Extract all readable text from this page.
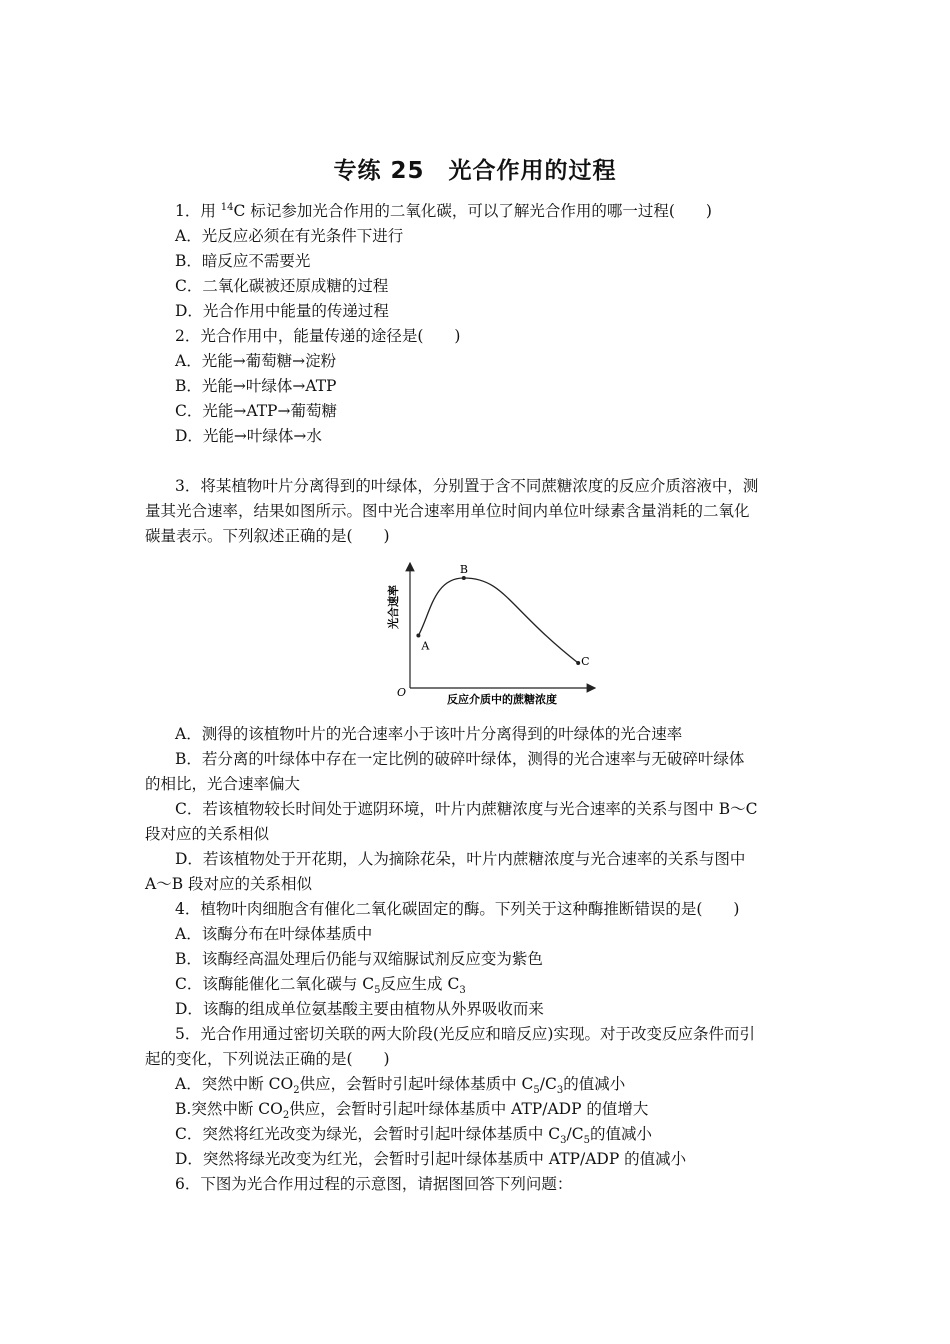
专练 25　光合作用的过程
1．用 $^{14}$C 标记参加光合作用的二氧化碳，可以了解光合作用的哪一过程(　　)
A．光反应必须在有光条件下进行
B．暗反应不需要光
C．二氧化碳被还原成糖的过程
D．光合作用中能量的传递过程
2．光合作用中，能量传递的途径是(　　)
A．光能→葡萄糖→淀粉
B．光能→叶绿体→ATP
C．光能→ATP→葡萄糖
D．光能→叶绿体→水
3．将某植物叶片分离得到的叶绿体，分别置于含不同蔗糖浓度的反应介质溶液中，测
量其光合速率，结果如图所示。图中光合速率用单位时间内单位叶绿素含量消耗的二氧化
碳量表示。下列叙述正确的是(　　)
A
B
C
O
反应介质中的蔗糖浓度
光合速率
A．测得的该植物叶片的光合速率小于该叶片分离得到的叶绿体的光合速率
B．若分离的叶绿体中存在一定比例的破碎叶绿体，测得的光合速率与无破碎叶绿体
的相比，光合速率偏大
C．若该植物较长时间处于遮阴环境，叶片内蔗糖浓度与光合速率的关系与图中 B～C
段对应的关系相似
D．若该植物处于开花期，人为摘除花朵，叶片内蔗糖浓度与光合速率的关系与图中
A～B 段对应的关系相似
4．植物叶肉细胞含有催化二氧化碳固定的酶。下列关于这种酶推断错误的是(　　)
A．该酶分布在叶绿体基质中
B．该酶经高温处理后仍能与双缩脲试剂反应变为紫色
C．该酶能催化二氧化碳与 $C_5$反应生成 $C_3$
D．该酶的组成单位氨基酸主要由植物从外界吸收而来
5．光合作用通过密切关联的两大阶段(光反应和暗反应)实现。对于改变反应条件而引
起的变化，下列说法正确的是(　　)
A．突然中断 $CO_2$供应，会暂时引起叶绿体基质中 $C_5/C_3$的值减小
B.突然中断 $CO_2$供应，会暂时引起叶绿体基质中 ATP/ADP 的值增大
C．突然将红光改变为绿光，会暂时引起叶绿体基质中 $C_3/C_5$的值减小
D．突然将绿光改变为红光，会暂时引起叶绿体基质中 ATP/ADP 的值减小
6．下图为光合作用过程的示意图，请据图回答下列问题：
